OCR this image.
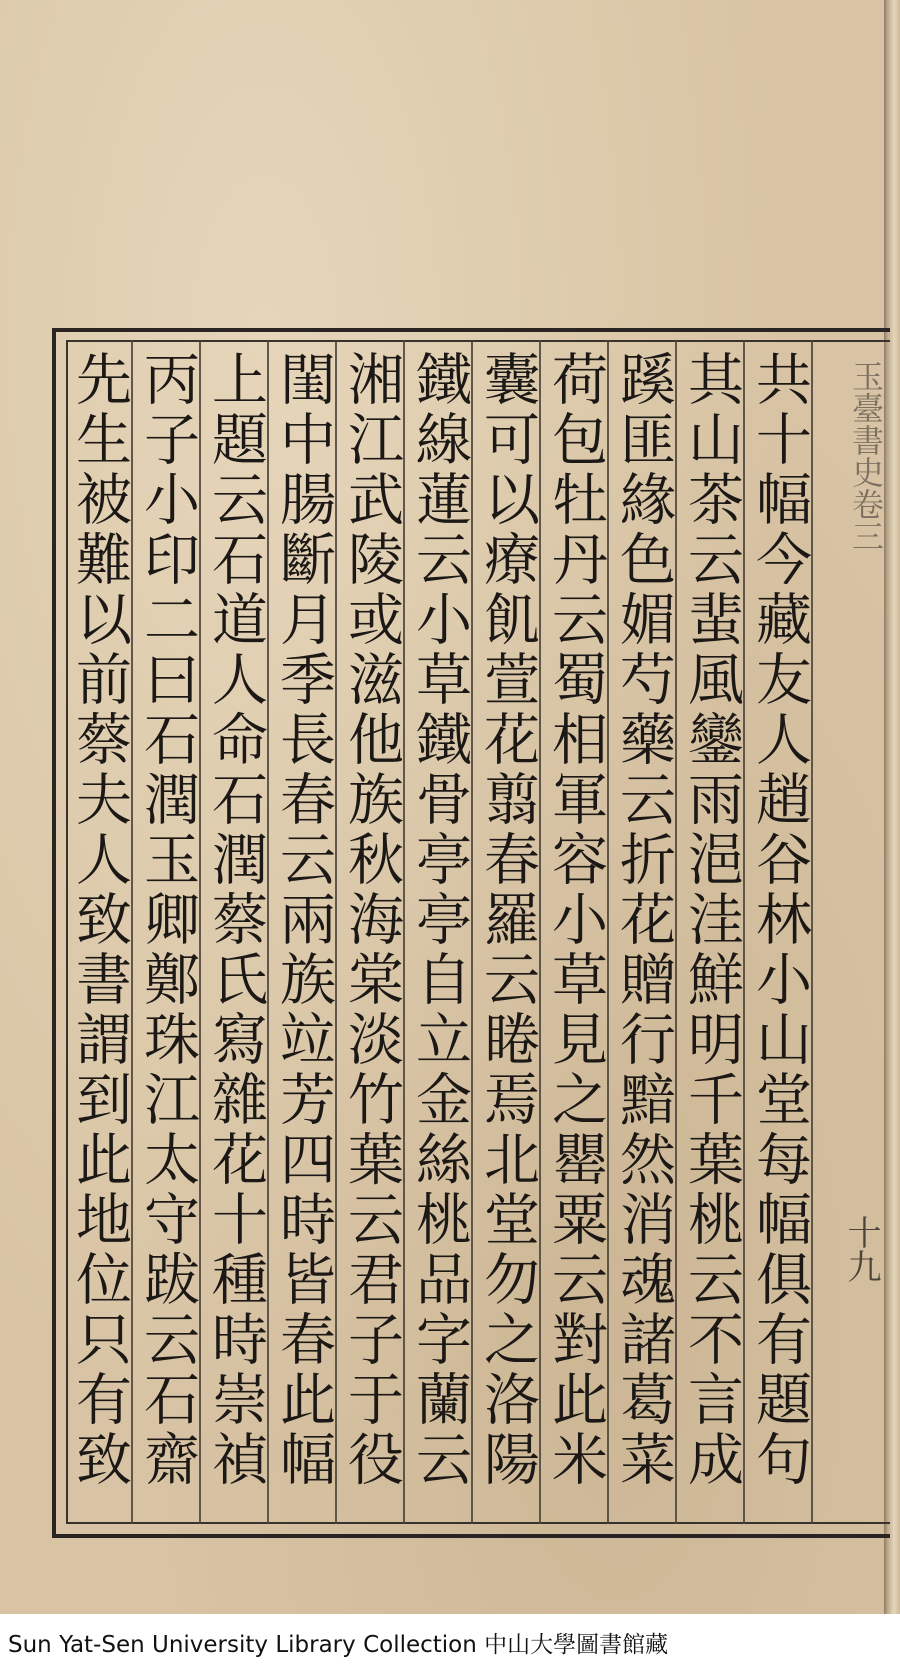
共十幅今藏友人趙谷林小山堂每幅俱有題句
其山茶云蜚風鑾雨浥洼鮮明千葉桃云不言成
蹊匪緣色媚芍藥云折花贈行黯然消魂諸葛菜
荷包牡丹云蜀相軍容小草見之罌粟云對此米
囊可以療飢萱花翦春羅云睠焉北堂勿之洛陽
鐵線蓮云小草鐵骨亭亭自立金絲桃品字蘭云
湘江武陵或滋他族秋海棠淡竹葉云君子于役
閨中腸斷月季長春云兩族竝芳四時皆春此幅
上題云石道人命石潤蔡氏寫雜花十種時崇禎
丙子小印二曰石潤玉卿鄭珠江太守跋云石齋
先生被難以前蔡夫人致書謂到此地位只有致	玉臺書史卷三
十九
Sun Yat-Sen University Library Collection 中山大學圖書館藏
